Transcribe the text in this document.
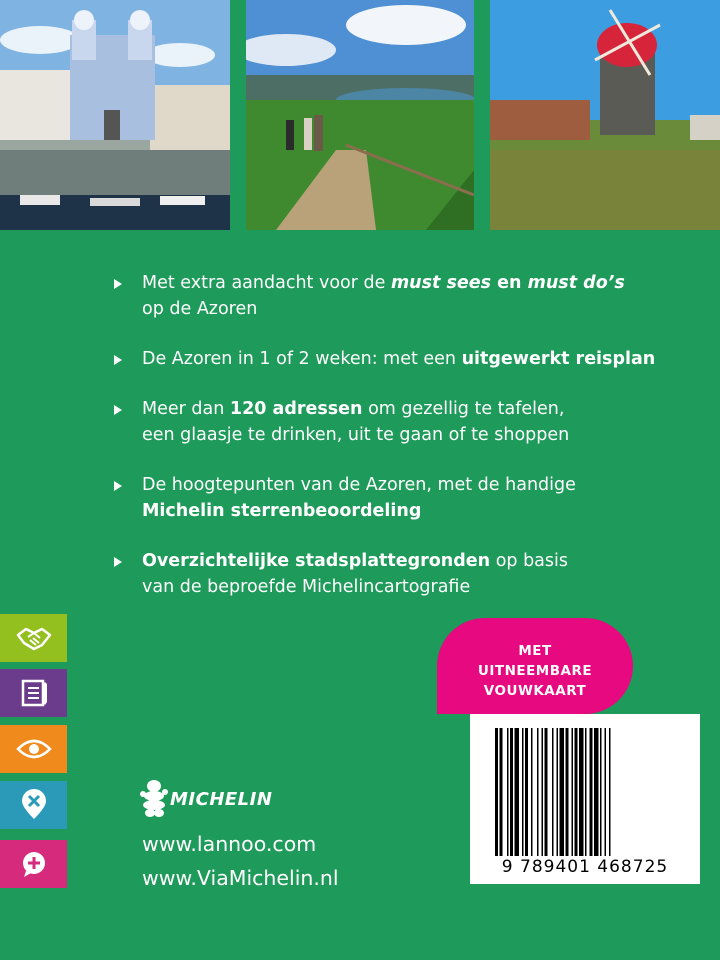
Met extra aandacht voor de must sees en must do’s
op de Azoren
De Azoren in 1 of 2 weken: met een uitgewerkt reisplan
Meer dan 120 adressen om gezellig te tafelen,
een glaasje te drinken, uit te gaan of te shoppen
De hoogtepunten van de Azoren, met de handige
Michelin sterrenbeoordeling
Overzichtelijke stadsplattegronden op basis
van de beproefde Michelincartografie
MET
UITNEEMBARE
VOUWKAART
9 789401 468725
MICHELIN
www.lannoo.com
www.ViaMichelin.nl
